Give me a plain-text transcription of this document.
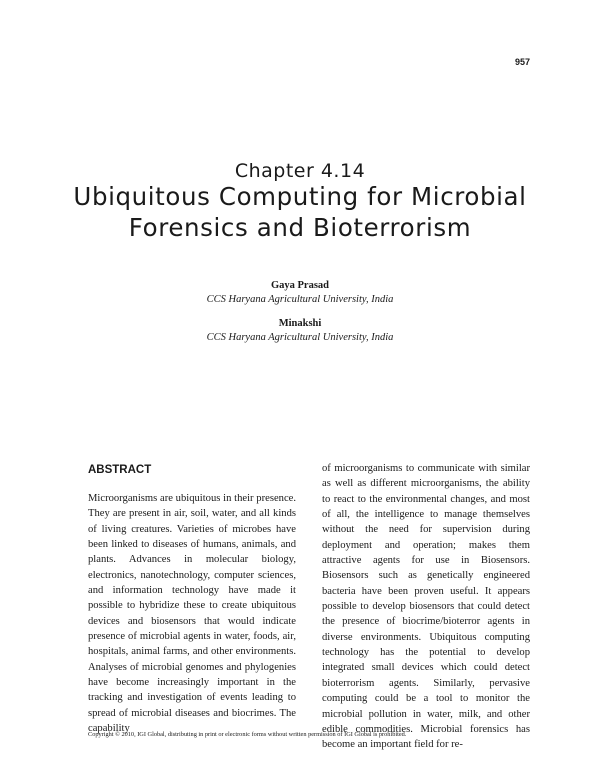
957
Chapter 4.14
Ubiquitous Computing for Microbial Forensics and Bioterrorism
Gaya Prasad
CCS Haryana Agricultural University, India
Minakshi
CCS Haryana Agricultural University, India
ABSTRACT

Microorganisms are ubiquitous in their presence. They are present in air, soil, water, and all kinds of living creatures. Varieties of microbes have been linked to diseases of humans, animals, and plants. Advances in molecular biology, electronics, nanotechnology, computer sciences, and information technology have made it possible to hybridize these to create ubiquitous devices and biosensors that would indicate presence of microbial agents in water, foods, air, hospitals, animal farms, and other environments. Analyses of microbial genomes and phylogenies have become increasingly important in the tracking and investigation of events leading to spread of microbial diseases and biocrimes. The capability

of microorganisms to communicate with similar as well as different microorganisms, the ability to react to the environmental changes, and most of all, the intelligence to manage themselves without the need for supervision during deployment and operation; makes them attractive agents for use in Biosensors. Biosensors such as genetically engineered bacteria have been proven useful. It appears possible to develop biosensors that could detect the presence of biocrime/bioterror agents in diverse environments. Ubiquitous computing technology has the potential to develop integrated small devices which could detect bioterrorism agents. Similarly, pervasive computing could be a tool to monitor the microbial pollution in water, milk, and other edible commodities. Microbial forensics has become an important field for re-

Copyright © 2010, IGI Global, distributing in print or electronic forms without written permission of IGI Global is prohibited.
